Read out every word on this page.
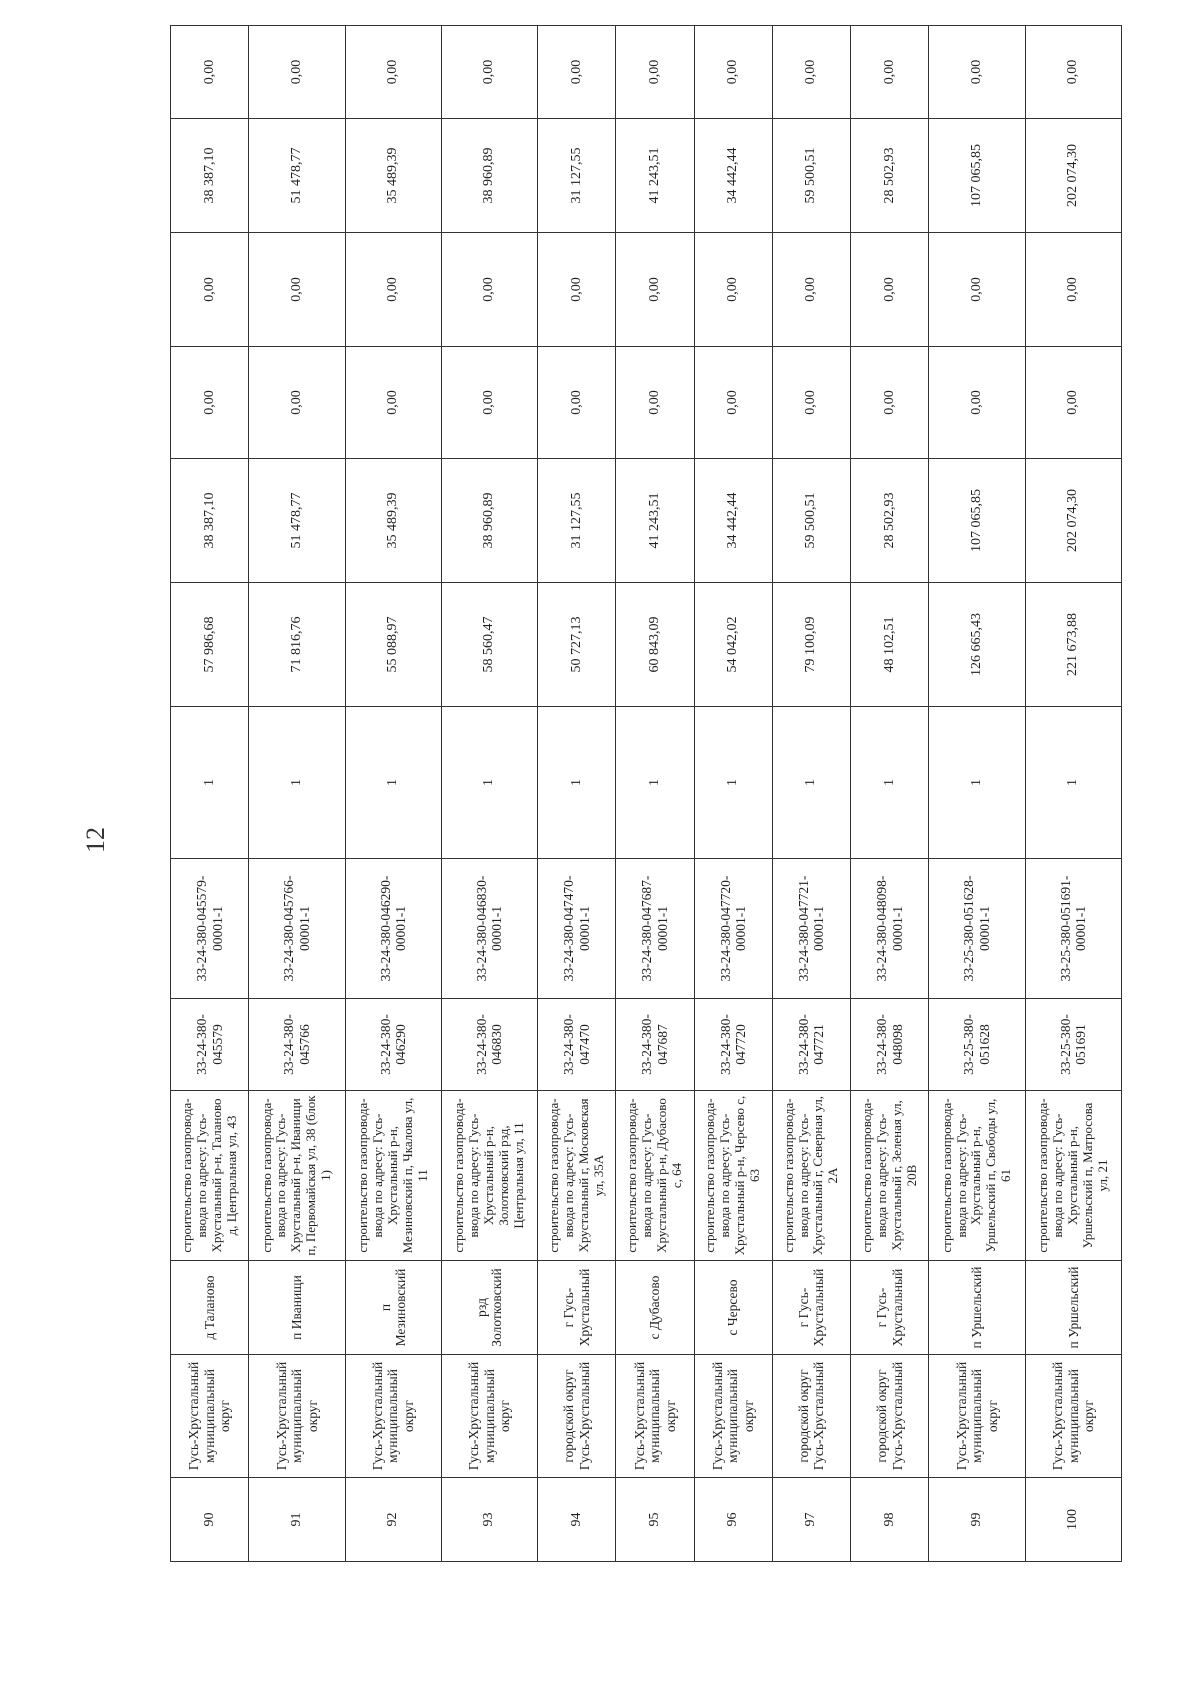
12
90	Гусь-Хрустальный муниципальный округ	д Таланово	строительство газопровода-ввода по адресу: Гусь-Хрустальный р-н, Таланово д, Центральная ул, 43	33-24-380-045579	33-24-380-045579-00001-1	1	57 986,68	38 387,10	0,00	0,00	38 387,10	0,00
91	Гусь-Хрустальный муниципальный округ	п Иванищи	строительство газопровода-ввода по адресу: Гусь-Хрустальный р-н, Иванищи п, Первомайская ул, 38 (блок 1)	33-24-380-045766	33-24-380-045766-00001-1	1	71 816,76	51 478,77	0,00	0,00	51 478,77	0,00
92	Гусь-Хрустальный муниципальный округ	п Мезиновский	строительство газопровода-ввода по адресу: Гусь-Хрустальный р-н, Мезиновский п, Чкалова ул, 11	33-24-380-046290	33-24-380-046290-00001-1	1	55 088,97	35 489,39	0,00	0,00	35 489,39	0,00
93	Гусь-Хрустальный муниципальный округ	рзд Золотковский	строительство газопровода-ввода по адресу: Гусь-Хрустальный р-н, Золотковский рзд, Центральная ул, 11	33-24-380-046830	33-24-380-046830-00001-1	1	58 560,47	38 960,89	0,00	0,00	38 960,89	0,00
94	городской округ Гусь-Хрустальный	г Гусь-Хрустальный	строительство газопровода-ввода по адресу: Гусь-Хрустальный г, Московская ул, 35А	33-24-380-047470	33-24-380-047470-00001-1	1	50 727,13	31 127,55	0,00	0,00	31 127,55	0,00
95	Гусь-Хрустальный муниципальный округ	с Дубасово	строительство газопровода-ввода по адресу: Гусь-Хрустальный р-н, Дубасово с, 64	33-24-380-047687	33-24-380-047687-00001-1	1	60 843,09	41 243,51	0,00	0,00	41 243,51	0,00
96	Гусь-Хрустальный муниципальный округ	с Черсево	строительство газопровода-ввода по адресу: Гусь-Хрустальный р-н, Черсево с, 63	33-24-380-047720	33-24-380-047720-00001-1	1	54 042,02	34 442,44	0,00	0,00	34 442,44	0,00
97	городской округ Гусь-Хрустальный	г Гусь-Хрустальный	строительство газопровода-ввода по адресу: Гусь-Хрустальный г, Северная ул, 2А	33-24-380-047721	33-24-380-047721-00001-1	1	79 100,09	59 500,51	0,00	0,00	59 500,51	0,00
98	городской округ Гусь-Хрустальный	г Гусь-Хрустальный	строительство газопровода-ввода по адресу: Гусь-Хрустальный г, Зеленая ул, 20В	33-24-380-048098	33-24-380-048098-00001-1	1	48 102,51	28 502,93	0,00	0,00	28 502,93	0,00
99	Гусь-Хрустальный муниципальный округ	п Уршельский	строительство газопровода-ввода по адресу: Гусь-Хрустальный р-н, Уршельский п, Свободы ул, 61	33-25-380-051628	33-25-380-051628-00001-1	1	126 665,43	107 065,85	0,00	0,00	107 065,85	0,00
100	Гусь-Хрустальный муниципальный округ	п Уршельский	строительство газопровода-ввода по адресу: Гусь-Хрустальный р-н, Уршельский п, Матросова ул, 21	33-25-380-051691	33-25-380-051691-00001-1	1	221 673,88	202 074,30	0,00	0,00	202 074,30	0,00
